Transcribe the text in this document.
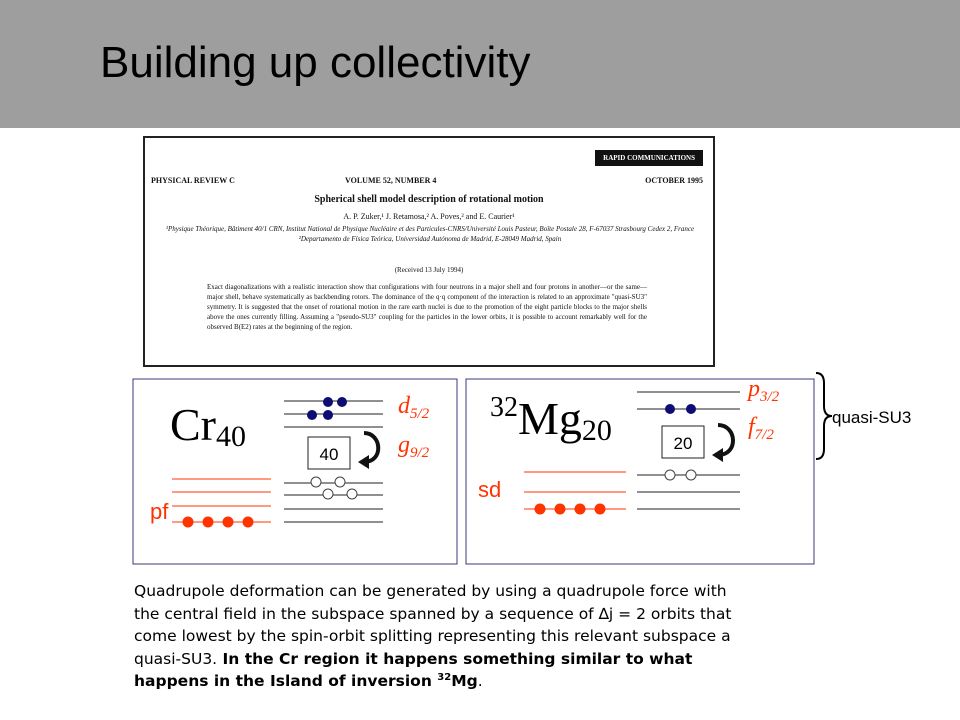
Building up collectivity
RAPID COMMUNICATIONS
PHYSICAL REVIEW C	VOLUME 52, NUMBER 4	OCTOBER 1995
Spherical shell model description of rotational motion
A. P. Zuker,¹ J. Retamosa,² A. Poves,² and E. Caurier¹
¹Physique Théorique, Bâtiment 40/1 CRN, Institut National de Physique Nucléaire et des Particules-CNRS/Université Louis Pasteur, Boîte Postale 28, F-67037 Strasbourg Cedex 2, France ²Departamento de Física Teórica, Universidad Autónoma de Madrid, E-28049 Madrid, Spain
(Received 13 July 1994)
Exact diagonalizations with a realistic interaction show that configurations with four neutrons in a major shell and four protons in another—or the same—major shell, behave systematically as backbending rotors. The dominance of the q·q component of the interaction is related to an approximate "quasi-SU3" symmetry. It is suggested that the onset of rotational motion in the rare earth nuclei is due to the promotion of the eight particle blocks to the major shells above the ones currently filling. Assuming a "pseudo-SU3" coupling for the particles in the lower orbits, it is possible to account remarkably well for the observed B(E2) rates at the beginning of the region.
Cr40
40
$d_{5/2}$
$g_{9/2}$
pf
$^{32}$Mg20	20
$p_{3/2}$
$f_{7/2}$
sd
quasi-SU3
Quadrupole deformation can be generated by using a quadrupole force with
the central field in the subspace spanned by a sequence of ∆j = 2 orbits that
come lowest by the spin-orbit splitting representing this relevant subspace a
quasi-SU3. In the Cr region it happens something similar to what
happens in the Island of inversion $^{32}$Mg.
